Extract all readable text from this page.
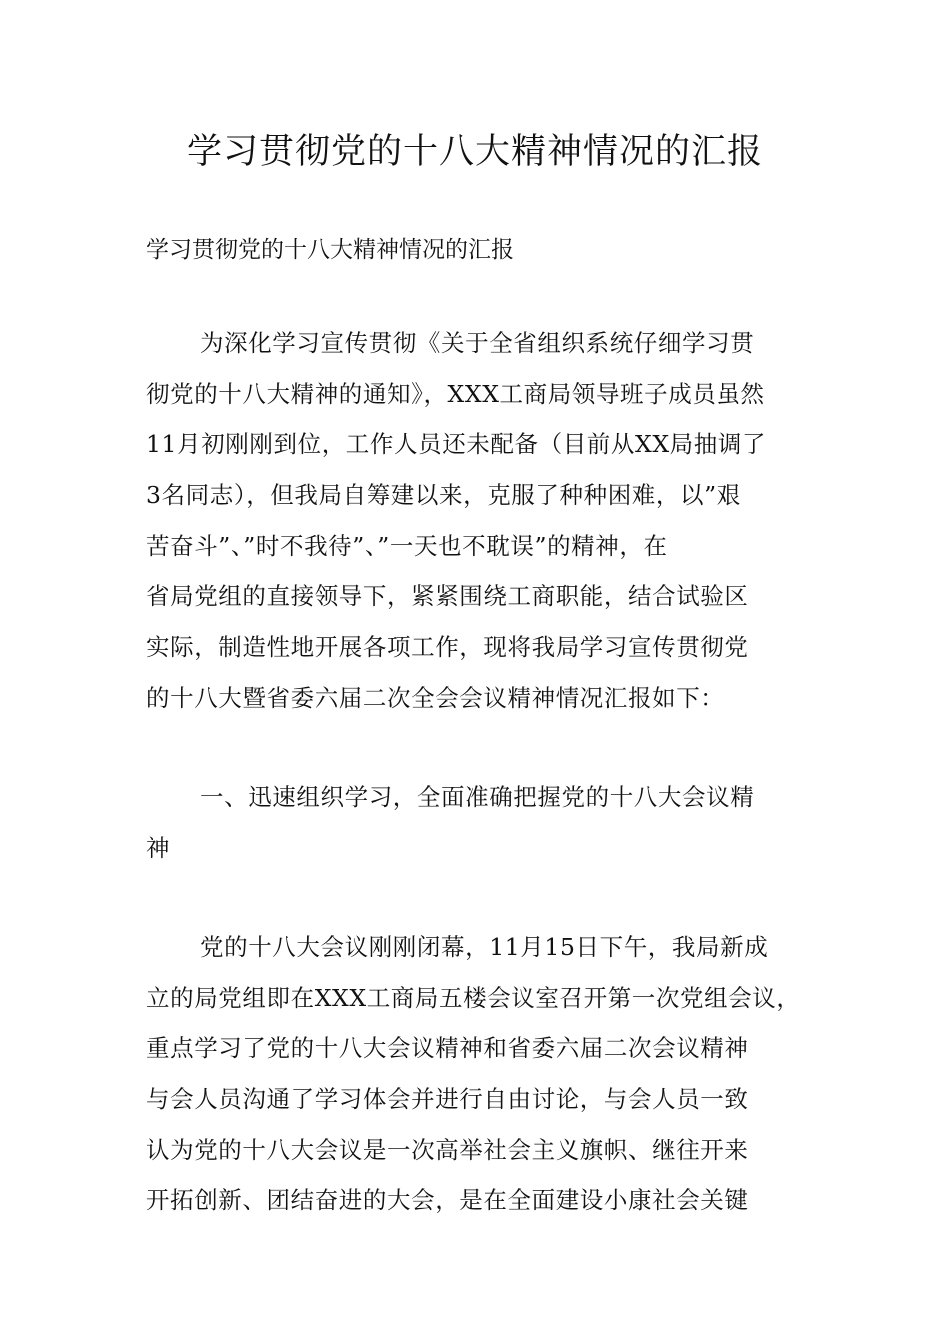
学习贯彻党的十八大精神情况的汇报

学习贯彻党的十八大精神情况的汇报

为深化学习宣传贯彻《关于全省组织系统仔细学习贯
彻党的十八大精神的通知》，XXX工商局领导班子成员虽然
11月初刚刚到位，工作人员还未配备（目前从XX局抽调了
3名同志），但我局自筹建以来，克服了种种困难，以”艰
苦奋斗”、”时不我待”、”一天也不耽误”的精神，在
省局党组的直接领导下，紧紧围绕工商职能，结合试验区
实际，制造性地开展各项工作，现将我局学习宣传贯彻党
的十八大暨省委六届二次全会会议精神情况汇报如下：
一、迅速组织学习，全面准确把握党的十八大会议精
神
党的十八大会议刚刚闭幕，11月15日下午，我局新成
立的局党组即在XXX工商局五楼会议室召开第一次党组会议，
重点学习了党的十八大会议精神和省委六届二次会议精神
与会人员沟通了学习体会并进行自由讨论，与会人员一致
认为党的十八大会议是一次高举社会主义旗帜、继往开来
开拓创新、团结奋进的大会，是在全面建设小康社会关键
